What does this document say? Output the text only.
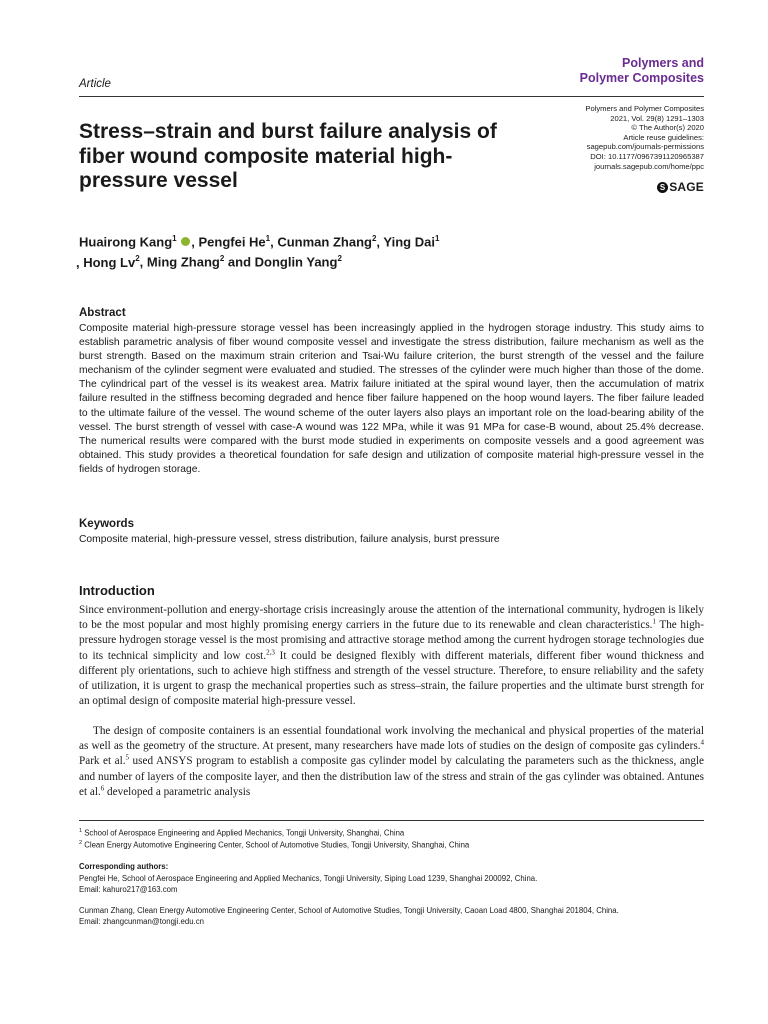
Polymers and
Polymer Composites
Article
Polymers and Polymer Composites
2021, Vol. 29(8) 1291–1303
© The Author(s) 2020
Article reuse guidelines:
sagepub.com/journals-permissions
DOI: 10.1177/0967391120965387
journals.sagepub.com/home/ppc
S SAGE
Stress–strain and burst failure analysis of fiber wound composite material high-pressure vessel
Huairong Kang$^1$ , Pengfei He$^1$, Cunman Zhang$^2$, Ying Dai$^1$
, Hong Lv$^2$, Ming Zhang$^2$ and Donglin Yang$^2$
Abstract
Composite material high-pressure storage vessel has been increasingly applied in the hydrogen storage industry. This study aims to establish parametric analysis of fiber wound composite vessel and investigate the stress distribution, failure mechanism as well as the burst strength. Based on the maximum strain criterion and Tsai-Wu failure criterion, the burst strength of the vessel and the failure mechanism of the cylinder segment were evaluated and studied. The stresses of the cylinder were much higher than those of the dome. The cylindrical part of the vessel is its weakest area. Matrix failure initiated at the spiral wound layer, then the accumulation of matrix failure resulted in the stiffness becoming degraded and hence fiber failure happened on the hoop wound layers. The fiber failure leaded to the ultimate failure of the vessel. The wound scheme of the outer layers also plays an important role on the load-bearing ability of the vessel. The burst strength of vessel with case-A wound was 122 MPa, while it was 91 MPa for case-B wound, about 25.4% decrease. The numerical results were compared with the burst mode studied in experiments on composite vessels and a good agreement was obtained. This study provides a theoretical foundation for safe design and utilization of composite material high-pressure vessel in the fields of hydrogen storage.
Keywords
Composite material, high-pressure vessel, stress distribution, failure analysis, burst pressure
Introduction
Since environment-pollution and energy-shortage crisis increasingly arouse the attention of the international community, hydrogen is likely to be the most popular and most highly promising energy carriers in the future due to its renewable and clean characteristics.$^1$ The high-pressure hydrogen storage vessel is the most promising and attractive storage method among the current hydrogen storage technologies due to its technical simplicity and low cost.$^{2,3}$ It could be designed flexibly with different materials, different fiber wound thickness and different ply orientations, such to achieve high stiffness and strength of the vessel structure. Therefore, to ensure reliability and the safety of utilization, it is urgent to grasp the mechanical properties such as stress–strain, the failure properties and the ultimate burst strength for an optimal design of composite material high-pressure vessel.
The design of composite containers is an essential foundational work involving the mechanical and physical properties of the material as well as the geometry of the structure. At present, many researchers have made lots of studies on the design of composite gas cylinders.$^4$ Park et al.$^5$ used ANSYS program to establish a composite gas cylinder model by calculating the parameters such as the thickness, angle and number of layers of the composite layer, and then the distribution law of the stress and strain of the gas cylinder was obtained. Antunes et al.$^6$ developed a parametric analysis
$^1$ School of Aerospace Engineering and Applied Mechanics, Tongji University, Shanghai, China
$^2$ Clean Energy Automotive Engineering Center, School of Automotive Studies, Tongji University, Shanghai, China
Corresponding authors:
Pengfei He, School of Aerospace Engineering and Applied Mechanics, Tongji University, Siping Load 1239, Shanghai 200092, China.
Email: kahuro217@163.com
Cunman Zhang, Clean Energy Automotive Engineering Center, School of Automotive Studies, Tongji University, Caoan Load 4800, Shanghai 201804, China.
Email: zhangcunman@tongji.edu.cn
